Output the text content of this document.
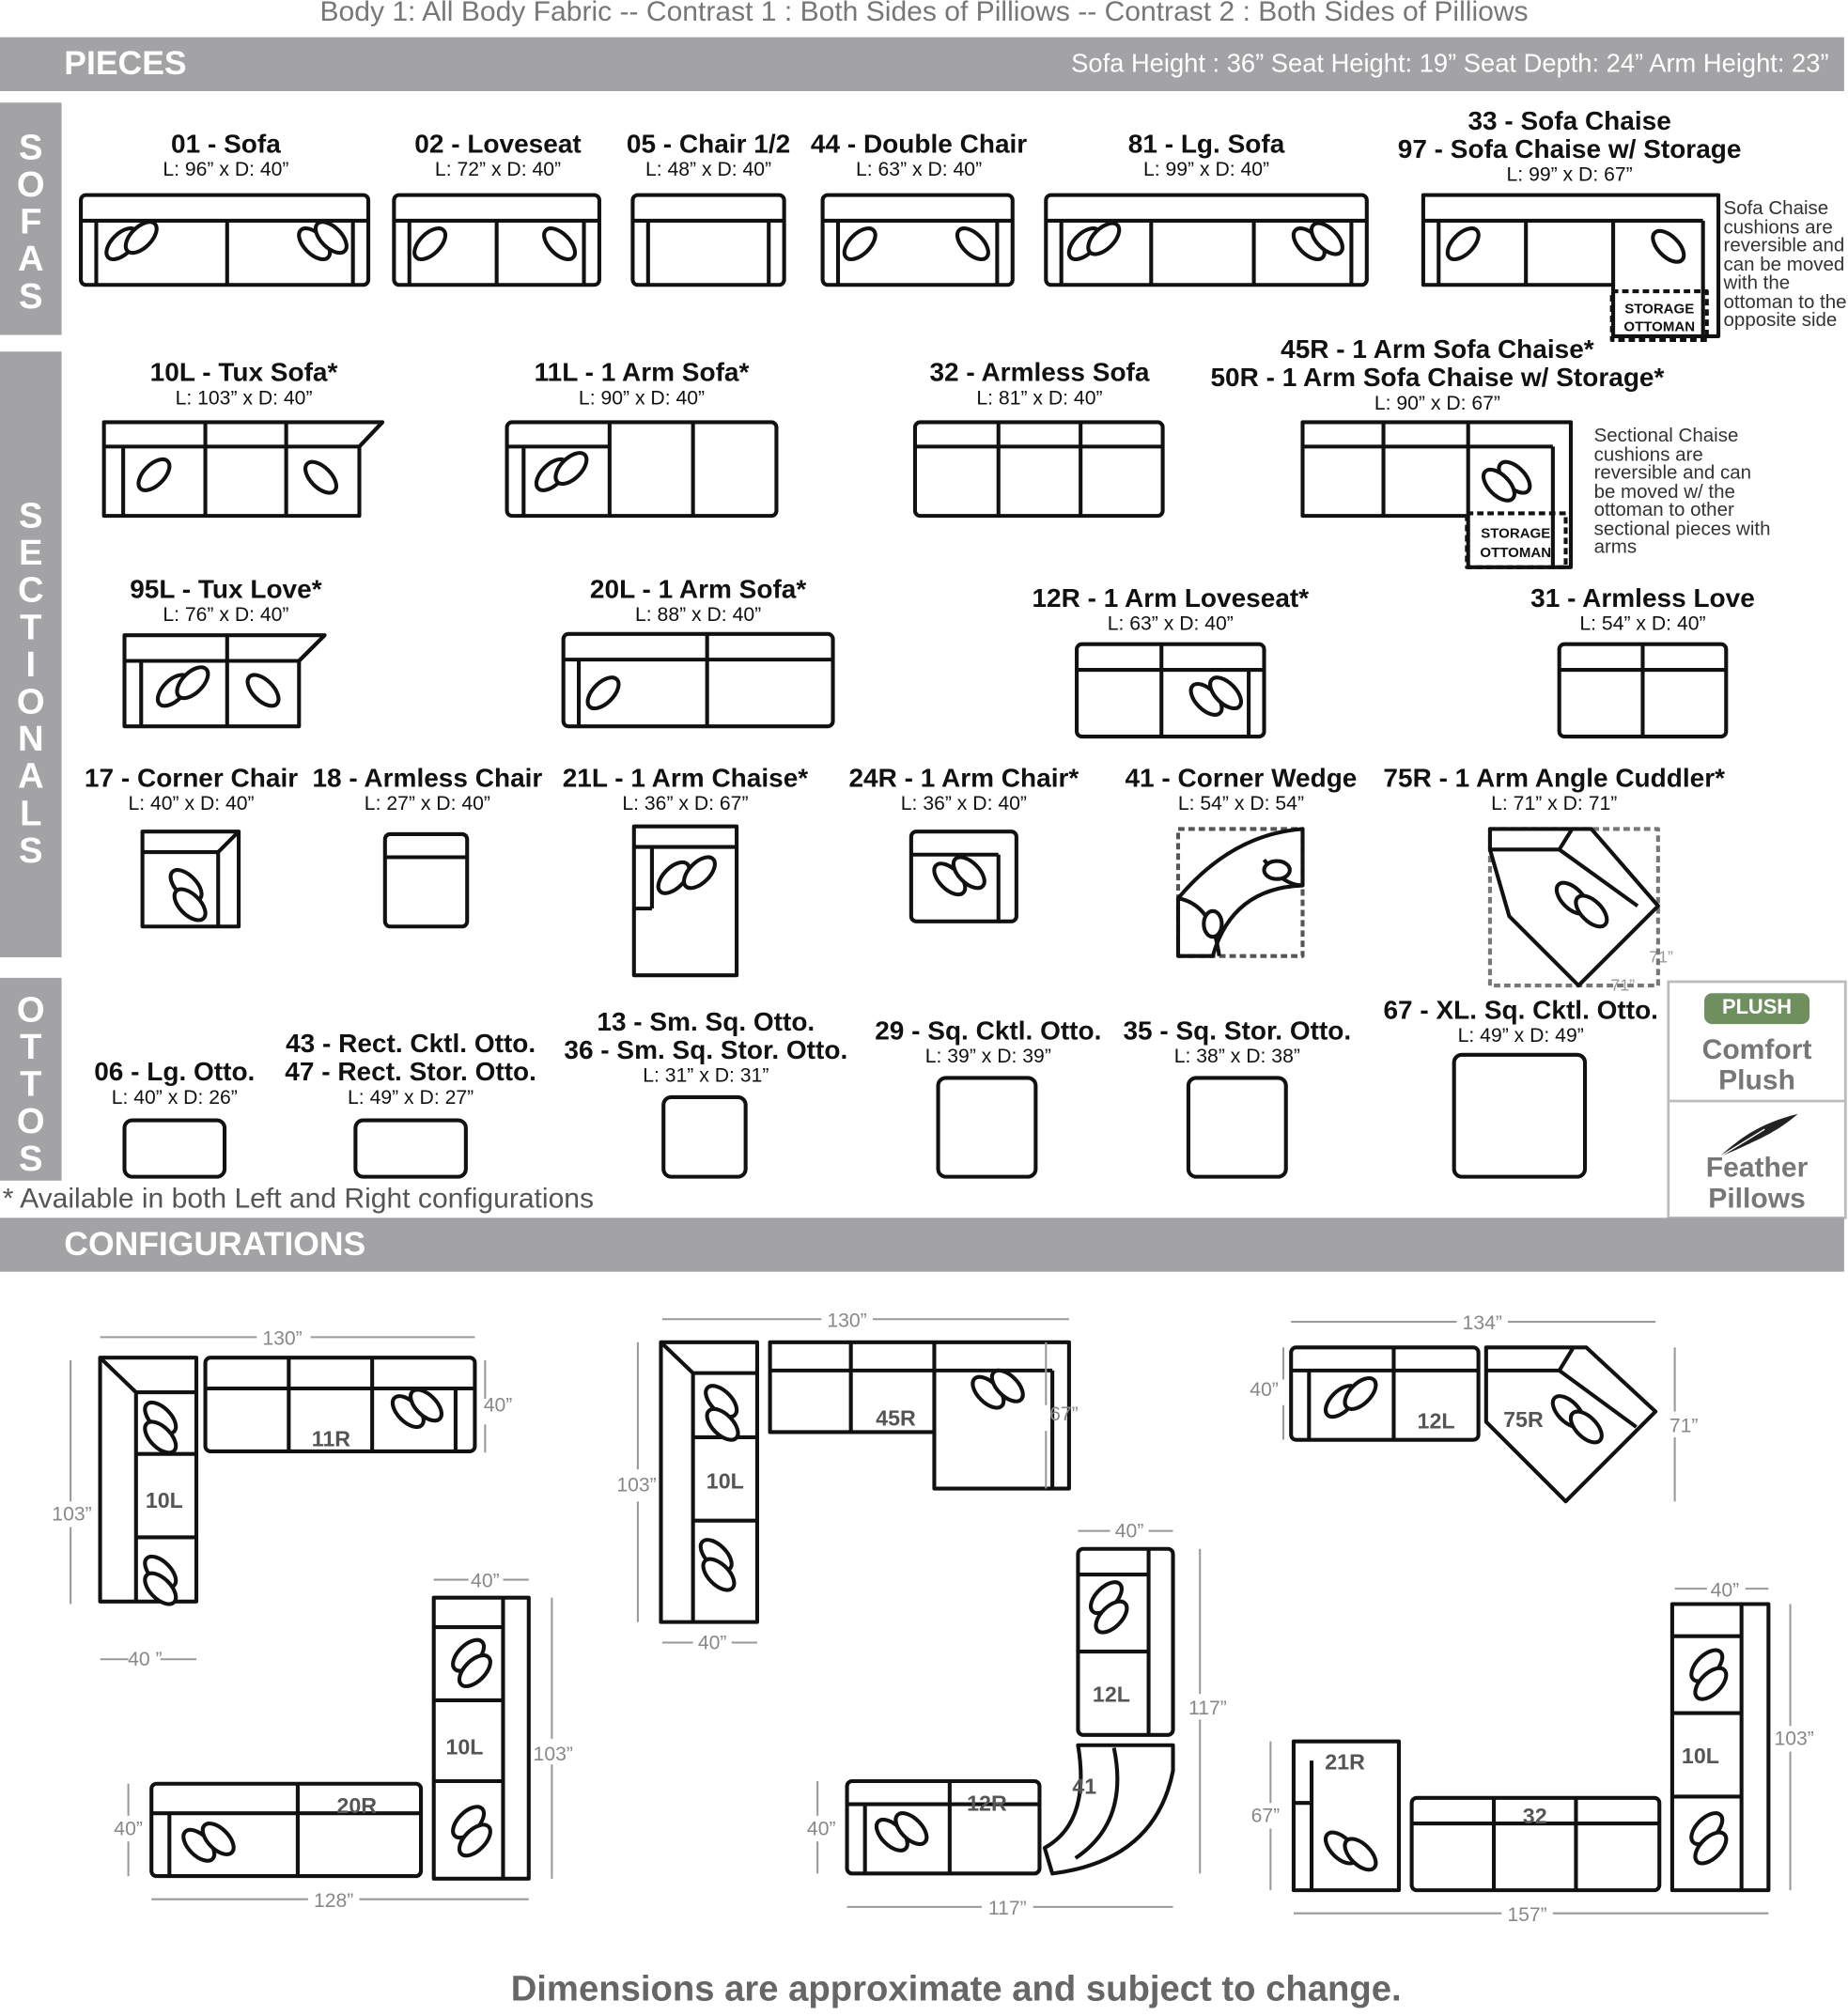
Body 1: All Body Fabric -- Contrast 1 : Both Sides of Pilliows -- Contrast 2 : Both Sides of Pilliows
PIECES	Sofa Height : 36” Seat Height: 19” Seat Depth: 24” Arm Height: 23”
S
O
F
A
S
S
E
C
T
I
O
N
A
L
S
O
T
T
O
S
01 - Sofa
L: 96” x D: 40”
02 - Loveseat
L: 72” x D: 40”
05 - Chair 1/2
L: 48” x D: 40”
44 - Double Chair
L: 63” x D: 40”
81 - Lg. Sofa
L: 99” x D: 40”
33 - Sofa Chaise
97 - Sofa Chaise w/ Storage
L: 99” x D: 67”
Sofa Chaise cushions are reversible and can be moved with the ottoman to the opposite side
10L - Tux Sofa*
L: 103” x D: 40”
11L - 1 Arm Sofa*
L: 90” x D: 40”
32 - Armless Sofa
L: 81” x D: 40”
45R - 1 Arm Sofa Chaise*
50R - 1 Arm Sofa Chaise w/ Storage*
L: 90” x D: 67”
Sectional Chaise cushions are reversible and can be moved w/ the ottoman to other sectional pieces with arms
95L - Tux Love*
L: 76” x D: 40”
20L - 1 Arm Sofa*
L: 88” x D: 40”
12R - 1 Arm Loveseat*
L: 63” x D: 40”
31 - Armless Love
L: 54” x D: 40”
17 - Corner Chair
L: 40” x D: 40”
18 - Armless Chair
L: 27” x D: 40”
21L - 1 Arm Chaise*
L: 36” x D: 67”
24R - 1 Arm Chair*
L: 36” x D: 40”
41 - Corner Wedge
L: 54” x D: 54”
75R - 1 Arm Angle Cuddler*
L: 71” x D: 71”
71”
71”
06 - Lg. Otto.
L: 40” x D: 26”
43 - Rect. Cktl. Otto.
47 - Rect. Stor. Otto.
L: 49” x D: 27”
13 - Sm. Sq. Otto.
36 - Sm. Sq. Stor. Otto.
L: 31” x D: 31”
29 - Sq. Cktl. Otto.
L: 39” x D: 39”
35 - Sq. Stor. Otto.
L: 38” x D: 38”
67 - XL. Sq. Cktl. Otto.
L: 49” x D: 49”
* Available in both Left and Right configurations
PLUSH
Comfort
Plush
Feather
Pillows
CONFIGURATIONS
Dimensions are approximate and subject to change.
STORAGE
OTTOMAN
STORAGE
OTTOMAN
11R
10L
45R
10L
12L	75R
10L
20R
12L
41
12R
21R
32
10L
130”
103”
40”
40 ”
130”
103”
67”
40”
134”
71”
40”
128”
103”
40”
40”
117”
117”
40”
40”
157”
103”
67”
40”
